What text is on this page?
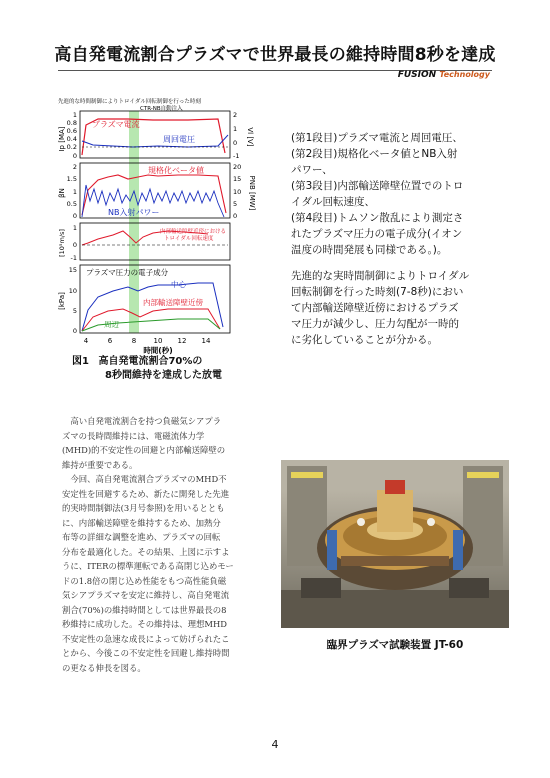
高自発電流割合プラズマで世界最長の維持時間8秒を達成
FUSION Technology
先進的な時間制御によりトロイダル回転制御を行った時刻
プラズマ電流
周回電圧
CTR-NB自動注入
規格化ベータ値
NB入射パワー
内部輸送障壁近傍における
トロイダル回転速度
プラズマ圧力の電子成分
中心
内部輸送障壁近傍
周辺
Ip [MA]	Vl [V]
βN	PNB [MW]
[10⁵m/s]
[kPa]
1
0.8
0.6
0.4
0.2
0
2
1
0
-1
2
1.5
1
0.5
0
20
15
10
5
0
1
0
-1
15
10
5
0
4	6	8 10 12 14
時間(秒)
図1 高自発電流割合70%の
8秒間維持を達成した放電
(第1段目)プラズマ電流と周回電圧、
(第2段目)規格化ベータ値とNB入射
パワー、
(第3段目)内部輸送障壁位置でのトロ
イダル回転速度、
(第4段目)トムソン散乱により測定さ
れたプラズマ圧力の電子成分(イオン
温度の時間発展も同様である。)。
先進的な実時間制御によりトロイダル
回転制御を行った時刻(7-8秒)におい
て内部輸送障壁近傍におけるプラズ
マ圧力が減少し、圧力勾配が一時的
に劣化していることが分かる。
　高い自発電流割合を持つ負磁気シアプラ
ズマの長時間維持には、電磁流体力学
(MHD)的不安定性の回避と内部輸送障壁の
維持が重要である。
　今回、高自発電流割合プラズマのMHD不
安定性を回避するため、新たに開発した先進
的実時間制御法(3月号参照)を用いるととも
に、内部輸送障壁を維持するため、加熱分
布等の詳細な調整を進め、プラズマの回転
分布を最適化した。その結果、上図に示すよ
うに、ITERの標準運転である高閉じ込めモー
ドの1.8倍の閉じ込め性能をもつ高性能負磁
気シアプラズマを安定に維持し、高自発電流
割合(70%)の維持時間としては世界最長の8
秒維持に成功した。その維持は、理想MHD
不安定性の急速な成長によって妨げられたこ
とから、今後この不安定性を回避し維持時間
の更なる伸長を図る。
臨界プラズマ試験装置 JT-60
4
